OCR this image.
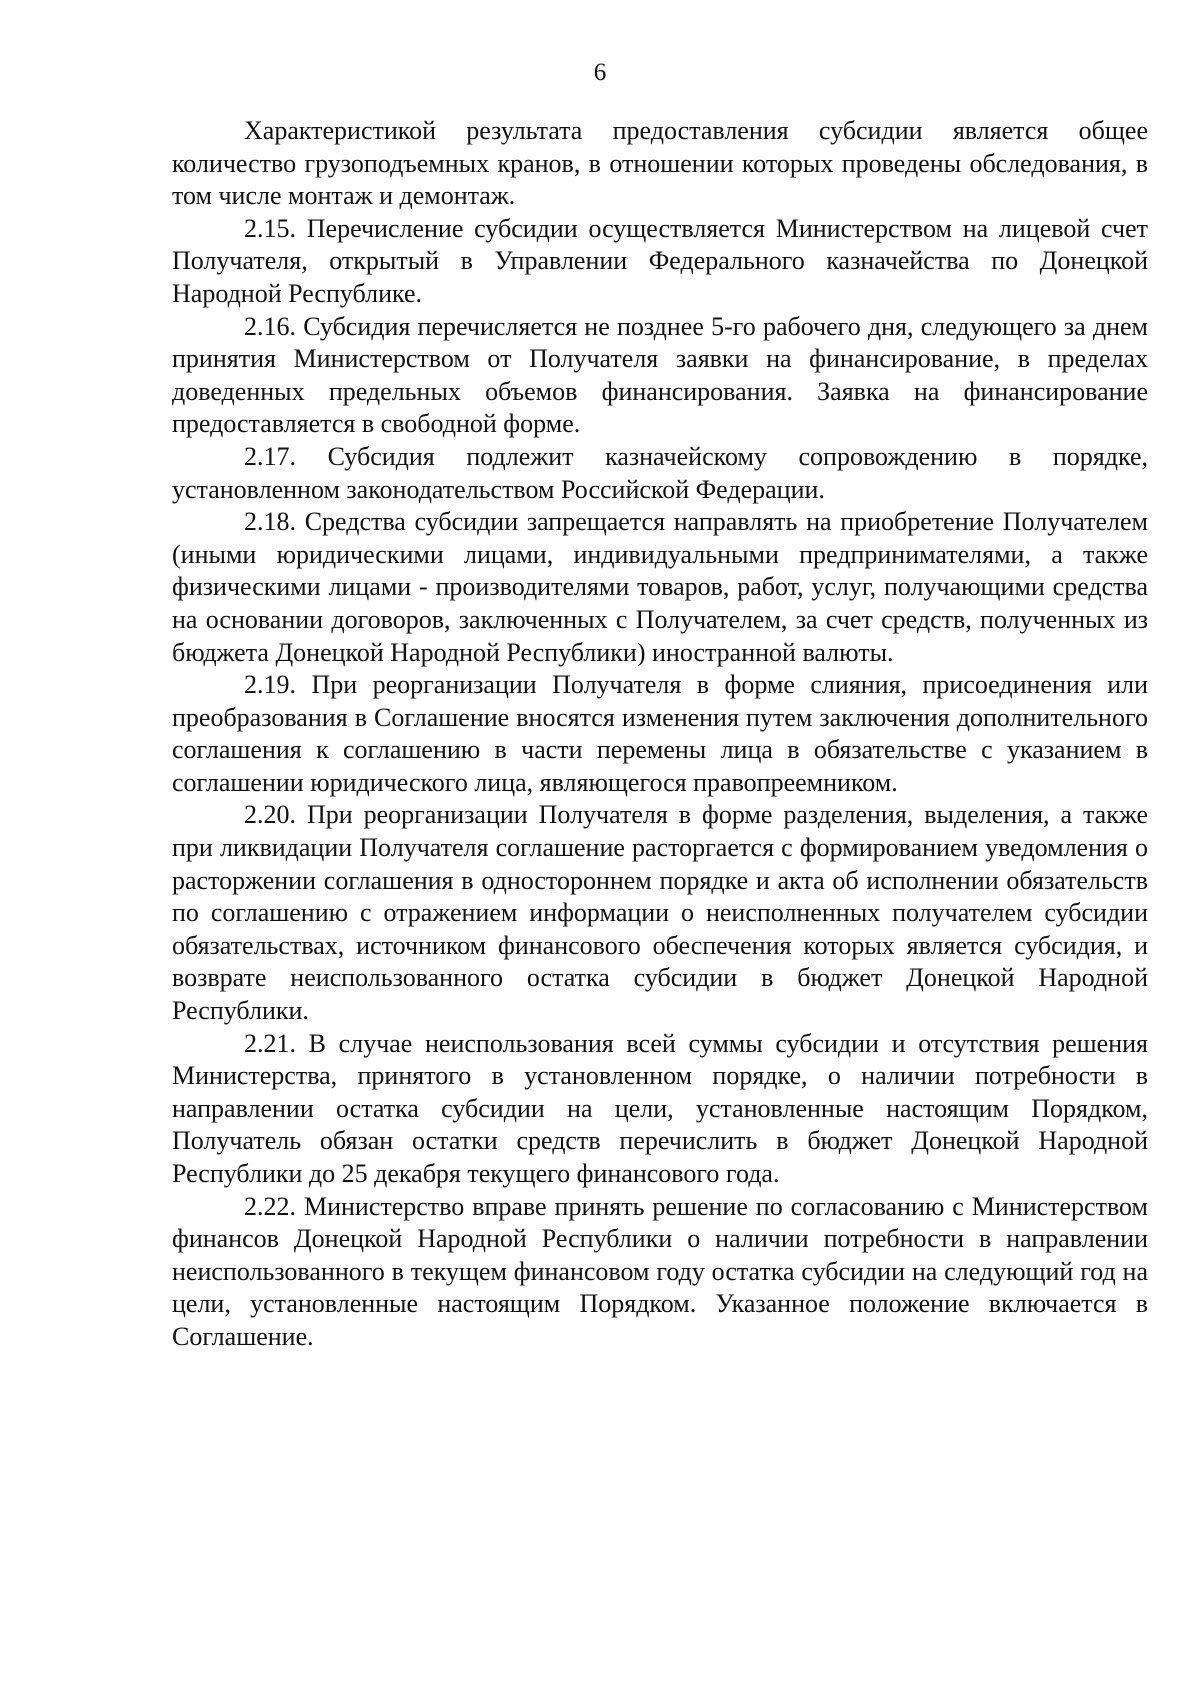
6

Характеристикой результата предоставления субсидии является общее количество грузоподъемных кранов, в отношении которых проведены обследования, в том числе монтаж и демонтаж.

2.15. Перечисление субсидии осуществляется Министерством на лицевой счет Получателя, открытый в Управлении Федерального казначейства по Донецкой Народной Республике.

2.16. Субсидия перечисляется не позднее 5-го рабочего дня, следующего за днем принятия Министерством от Получателя заявки на финансирование, в пределах доведенных предельных объемов финансирования. Заявка на финансирование предоставляется в свободной форме.

2.17. Субсидия подлежит казначейскому сопровождению в порядке, установленном законодательством Российской Федерации.

2.18. Средства субсидии запрещается направлять на приобретение Получателем (иными юридическими лицами, индивидуальными предпринимателями, а также физическими лицами - производителями товаров, работ, услуг, получающими средства на основании договоров, заключенных с Получателем, за счет средств, полученных из бюджета Донецкой Народной Республики) иностранной валюты.

2.19. При реорганизации Получателя в форме слияния, присоединения или преобразования в Соглашение вносятся изменения путем заключения дополнительного соглашения к соглашению в части перемены лица в обязательстве с указанием в соглашении юридического лица, являющегося правопреемником.

2.20. При реорганизации Получателя в форме разделения, выделения, а также при ликвидации Получателя соглашение расторгается с формированием уведомления о расторжении соглашения в одностороннем порядке и акта об исполнении обязательств по соглашению с отражением информации о неисполненных получателем субсидии обязательствах, источником финансового обеспечения которых является субсидия, и возврате неиспользованного остатка субсидии в бюджет Донецкой Народной Республики.

2.21. В случае неиспользования всей суммы субсидии и отсутствия решения Министерства, принятого в установленном порядке, о наличии потребности в направлении остатка субсидии на цели, установленные настоящим Порядком, Получатель обязан остатки средств перечислить в бюджет Донецкой Народной Республики до 25 декабря текущего финансового года.

2.22. Министерство вправе принять решение по согласованию с Министерством финансов Донецкой Народной Республики о наличии потребности в направлении неиспользованного в текущем финансовом году остатка субсидии на следующий год на цели, установленные настоящим Порядком. Указанное положение включается в Соглашение.
